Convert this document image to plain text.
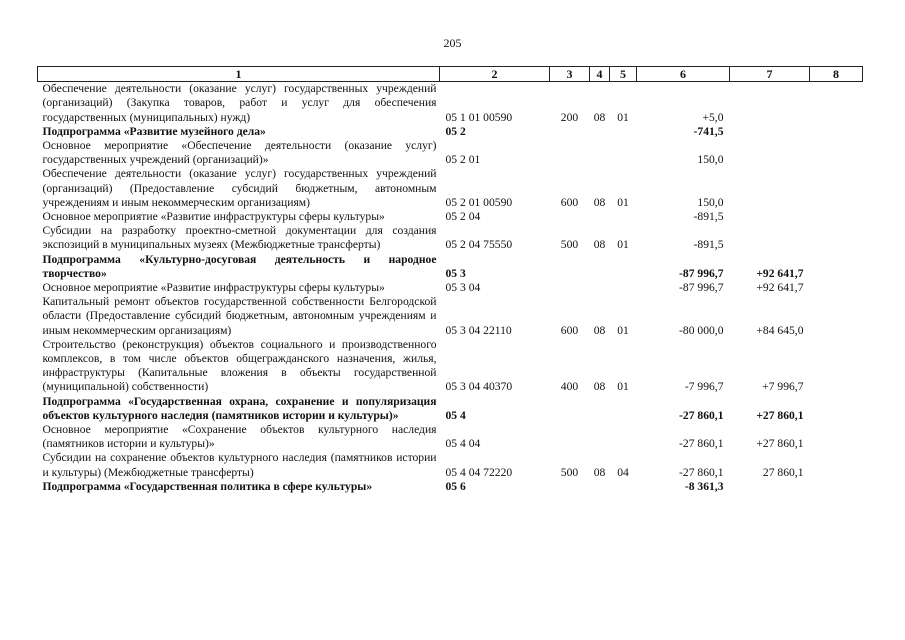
205
1	2	3	4	5	6	7	8
Обеспечение деятельности (оказание услуг) государственных учреждений (организаций) (Закупка товаров, работ и услуг для обеспечения государственных (муниципальных) нужд)	05 1 01 00590	200	08	01	+5,0		
Подпрограмма «Развитие музейного дела»	05 2				-741,5		
Основное мероприятие «Обеспечение деятельности (оказание услуг) государственных учреждений (организаций)»	05 2 01				150,0		
Обеспечение деятельности (оказание услуг) государственных учреждений (организаций) (Предоставление субсидий бюджетным, автономным учреждениям и иным некоммерческим организациям)	05 2 01 00590	600	08	01	150,0		
Основное мероприятие «Развитие инфраструктуры сферы культуры»	05 2 04				-891,5		
Субсидии на разработку проектно-сметной документации для создания экспозиций в муниципальных музеях (Межбюджетные трансферты)	05 2 04 75550	500	08	01	-891,5		
Подпрограмма «Культурно-досуговая деятельность и народное творчество»	05 3				-87 996,7	+92 641,7	
Основное мероприятие «Развитие инфраструктуры сферы культуры»	05 3 04				-87 996,7	+92 641,7	
Капитальный ремонт объектов государственной собственности Белгородской области (Предоставление субсидий бюджетным, автономным учреждениям и иным некоммерческим организациям)	05 3 04 22110	600	08	01	-80 000,0	+84 645,0	
Строительство (реконструкция) объектов социального и производственного комплексов, в том числе объектов общегражданского назначения, жилья, инфраструктуры (Капитальные вложения в объекты государственной (муниципальной) собственности)	05 3 04 40370	400	08	01	-7 996,7	+7 996,7	
Подпрограмма «Государственная охрана, сохранение и популяризация объектов культурного наследия (памятников истории и культуры)»	05 4				-27 860,1	+27 860,1	
Основное мероприятие «Сохранение объектов культурного наследия (памятников истории и культуры)»	05 4 04				-27 860,1	+27 860,1	
Субсидии на сохранение объектов культурного наследия (памятников истории и культуры) (Межбюджетные трансферты)	05 4 04 72220	500	08	04	-27 860,1	27 860,1	
Подпрограмма «Государственная политика в сфере культуры»	05 6				-8 361,3		
